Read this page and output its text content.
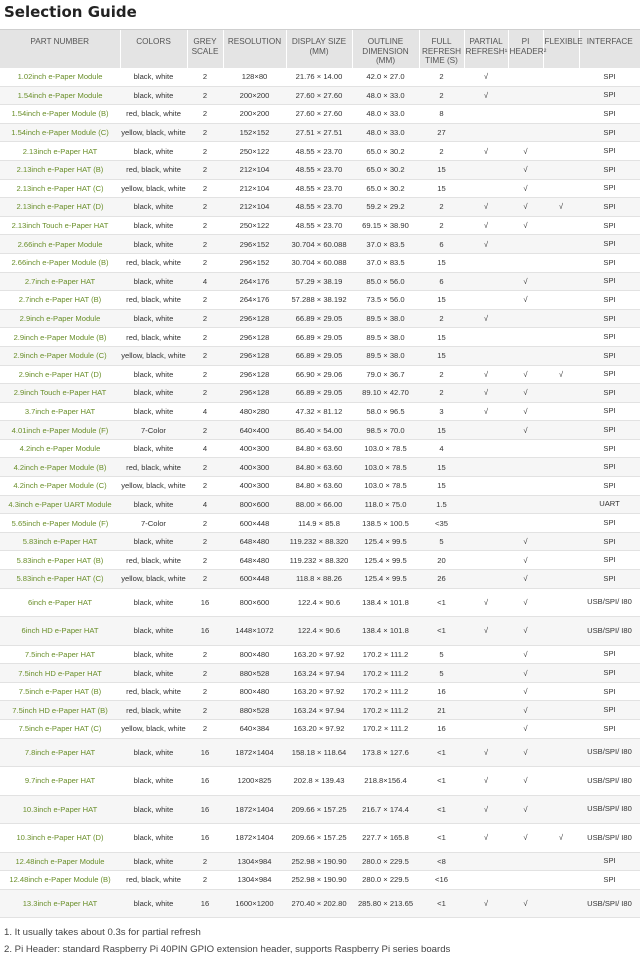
Selection Guide
PART NUMBER	COLORS	GREY SCALE	RESOLUTION	DISPLAY SIZE (MM)	OUTLINE DIMENSION (MM)	FULL REFRESH TIME (S)	PARTIAL REFRESH¹	PI HEADER²	FLEXIBLE	INTERFACE
1.02inch e-Paper Module	black, white	2	128×80	21.76 × 14.00	42.0 × 27.0	2	√			SPI
1.54inch e-Paper Module	black, white	2	200×200	27.60 × 27.60	48.0 × 33.0	2	√			SPI
1.54inch e-Paper Module (B)	red, black, white	2	200×200	27.60 × 27.60	48.0 × 33.0	8				SPI
1.54inch e-Paper Module (C)	yellow, black, white	2	152×152	27.51 × 27.51	48.0 × 33.0	27				SPI
2.13inch e-Paper HAT	black, white	2	250×122	48.55 × 23.70	65.0 × 30.2	2	√	√		SPI
2.13inch e-Paper HAT (B)	red, black, white	2	212×104	48.55 × 23.70	65.0 × 30.2	15		√		SPI
2.13inch e-Paper HAT (C)	yellow, black, white	2	212×104	48.55 × 23.70	65.0 × 30.2	15		√		SPI
2.13inch e-Paper HAT (D)	black, white	2	212×104	48.55 × 23.70	59.2 × 29.2	2	√	√	√	SPI
2.13inch Touch e-Paper HAT	black, white	2	250×122	48.55 × 23.70	69.15 × 38.90	2	√	√		SPI
2.66inch e-Paper Module	black, white	2	296×152	30.704 × 60.088	37.0 × 83.5	6	√			SPI
2.66inch e-Paper Module (B)	red, black, white	2	296×152	30.704 × 60.088	37.0 × 83.5	15				SPI
2.7inch e-Paper HAT	black, white	4	264×176	57.29 × 38.19	85.0 × 56.0	6		√		SPI
2.7inch e-Paper HAT (B)	red, black, white	2	264×176	57.288 × 38.192	73.5 × 56.0	15		√		SPI
2.9inch e-Paper Module	black, white	2	296×128	66.89 × 29.05	89.5 × 38.0	2	√			SPI
2.9inch e-Paper Module (B)	red, black, white	2	296×128	66.89 × 29.05	89.5 × 38.0	15				SPI
2.9inch e-Paper Module (C)	yellow, black, white	2	296×128	66.89 × 29.05	89.5 × 38.0	15				SPI
2.9inch e-Paper HAT (D)	black, white	2	296×128	66.90 × 29.06	79.0 × 36.7	2	√	√	√	SPI
2.9inch Touch e-Paper HAT	black, white	2	296×128	66.89 × 29.05	89.10 × 42.70	2	√	√		SPI
3.7inch e-Paper HAT	black, white	4	480×280	47.32 × 81.12	58.0 × 96.5	3	√	√		SPI
4.01inch e-Paper Module (F)	7-Color	2	640×400	86.40 × 54.00	98.5 × 70.0	15		√		SPI
4.2inch e-Paper Module	black, white	4	400×300	84.80 × 63.60	103.0 × 78.5	4				SPI
4.2inch e-Paper Module (B)	red, black, white	2	400×300	84.80 × 63.60	103.0 × 78.5	15				SPI
4.2inch e-Paper Module (C)	yellow, black, white	2	400×300	84.80 × 63.60	103.0 × 78.5	15				SPI
4.3inch e-Paper UART Module	black, white	4	800×600	88.00 × 66.00	118.0 × 75.0	1.5				UART
5.65inch e-Paper Module (F)	7-Color	2	600×448	114.9 × 85.8	138.5 × 100.5	<35				SPI
5.83inch e-Paper HAT	black, white	2	648×480	119.232 × 88.320	125.4 × 99.5	5		√		SPI
5.83inch e-Paper HAT (B)	red, black, white	2	648×480	119.232 × 88.320	125.4 × 99.5	20		√		SPI
5.83inch e-Paper HAT (C)	yellow, black, white	2	600×448	118.8 × 88.26	125.4 × 99.5	26		√		SPI
6inch e-Paper HAT	black, white	16	800×600	122.4 × 90.6	138.4 × 101.8	<1	√	√		USB/SPI/ I80
6inch HD e-Paper HAT	black, white	16	1448×1072	122.4 × 90.6	138.4 × 101.8	<1	√	√		USB/SPI/ I80
7.5inch e-Paper HAT	black, white	2	800×480	163.20 × 97.92	170.2 × 111.2	5		√		SPI
7.5inch HD e-Paper HAT	black, white	2	880×528	163.24 × 97.94	170.2 × 111.2	5		√		SPI
7.5inch e-Paper HAT (B)	red, black, white	2	800×480	163.20 × 97.92	170.2 × 111.2	16		√		SPI
7.5inch HD e-Paper HAT (B)	red, black, white	2	880×528	163.24 × 97.94	170.2 × 111.2	21		√		SPI
7.5inch e-Paper HAT (C)	yellow, black, white	2	640×384	163.20 × 97.92	170.2 × 111.2	16		√		SPI
7.8inch e-Paper HAT	black, white	16	1872×1404	158.18 × 118.64	173.8 × 127.6	<1	√	√		USB/SPI/ I80
9.7inch e-Paper HAT	black, white	16	1200×825	202.8 × 139.43	218.8×156.4	<1	√	√		USB/SPI/ I80
10.3inch e-Paper HAT	black, white	16	1872×1404	209.66 × 157.25	216.7 × 174.4	<1	√	√		USB/SPI/ I80
10.3inch e-Paper HAT (D)	black, white	16	1872×1404	209.66 × 157.25	227.7 × 165.8	<1	√	√	√	USB/SPI/ I80
12.48inch e-Paper Module	black, white	2	1304×984	252.98 × 190.90	280.0 × 229.5	<8				SPI
12.48inch e-Paper Module (B)	red, black, white	2	1304×984	252.98 × 190.90	280.0 × 229.5	<16				SPI
13.3inch e-Paper HAT	black, white	16	1600×1200	270.40 × 202.80	285.80 × 213.65	<1	√	√		USB/SPI/ I80
1. It usually takes about 0.3s for partial refresh
2. Pi Header: standard Raspberry Pi 40PIN GPIO extension header, supports Raspberry Pi series boards
